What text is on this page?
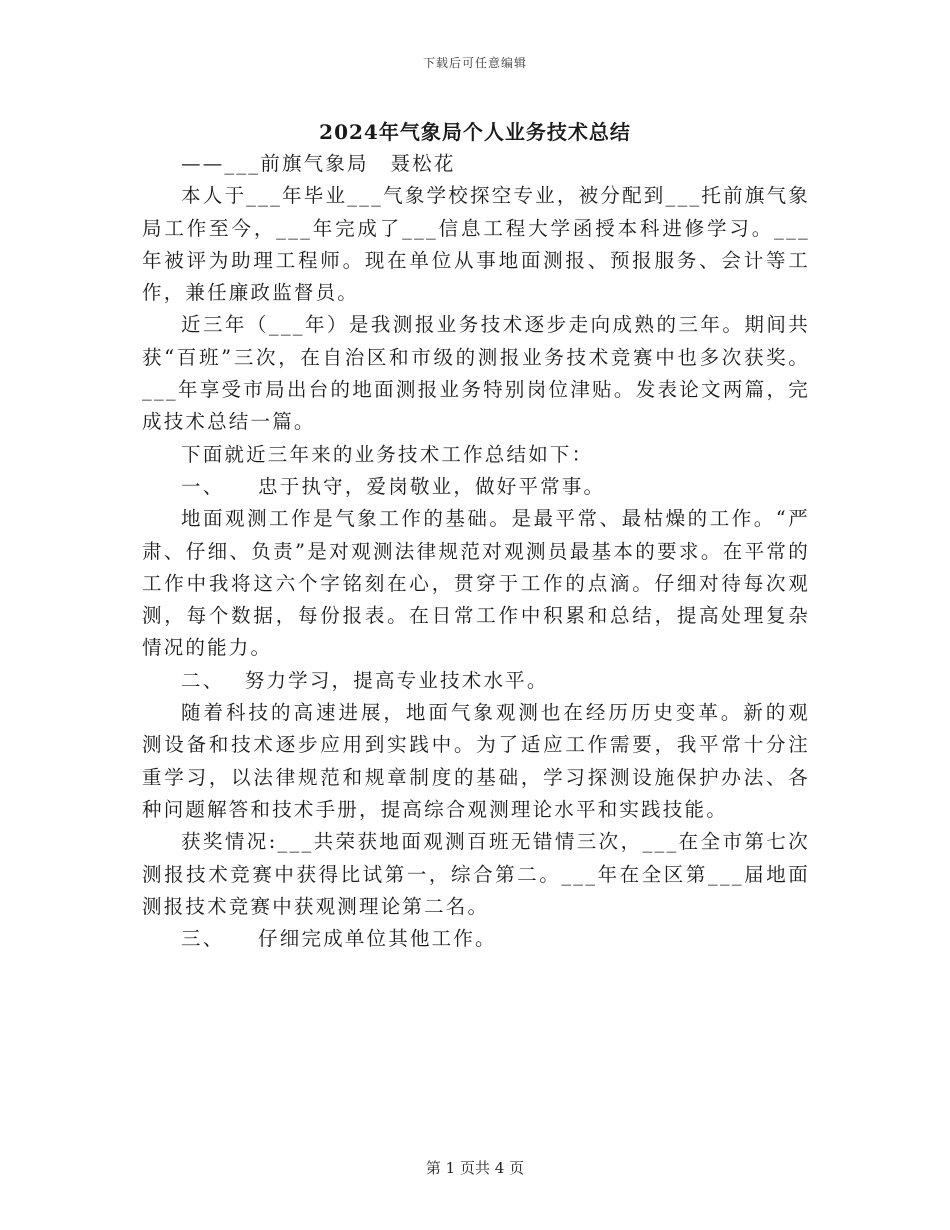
下载后可任意编辑
2024年气象局个人业务技术总结

——___前旗气象局　聂松花

本人于___年毕业___气象学校探空专业，被分配到___托前旗气象局工作至今，___年完成了___信息工程大学函授本科进修学习。___年被评为助理工程师。现在单位从事地面测报、预报服务、会计等工作，兼任廉政监督员。

近三年（___年）是我测报业务技术逐步走向成熟的三年。期间共获“百班”三次，在自治区和市级的测报业务技术竞赛中也多次获奖。___年享受市局出台的地面测报业务特别岗位津贴。发表论文两篇，完成技术总结一篇。

下面就近三年来的业务技术工作总结如下：

一、　　忠于执守，爱岗敬业，做好平常事。

地面观测工作是气象工作的基础。是最平常、最枯燥的工作。“严肃、仔细、负责”是对观测法律规范对观测员最基本的要求。在平常的工作中我将这六个字铭刻在心，贯穿于工作的点滴。仔细对待每次观测，每个数据，每份报表。在日常工作中积累和总结，提高处理复杂情况的能力。

二、　 努力学习，提高专业技术水平。

随着科技的高速进展，地面气象观测也在经历历史变革。新的观测设备和技术逐步应用到实践中。为了适应工作需要，我平常十分注重学习，以法律规范和规章制度的基础，学习探测设施保护办法、各种问题解答和技术手册，提高综合观测理论水平和实践技能。

获奖情况:___共荣获地面观测百班无错情三次，___在全市第七次测报技术竞赛中获得比试第一，综合第二。___年在全区第___届地面测报技术竞赛中获观测理论第二名。

三、　　仔细完成单位其他工作。

第 1 页共 4 页
